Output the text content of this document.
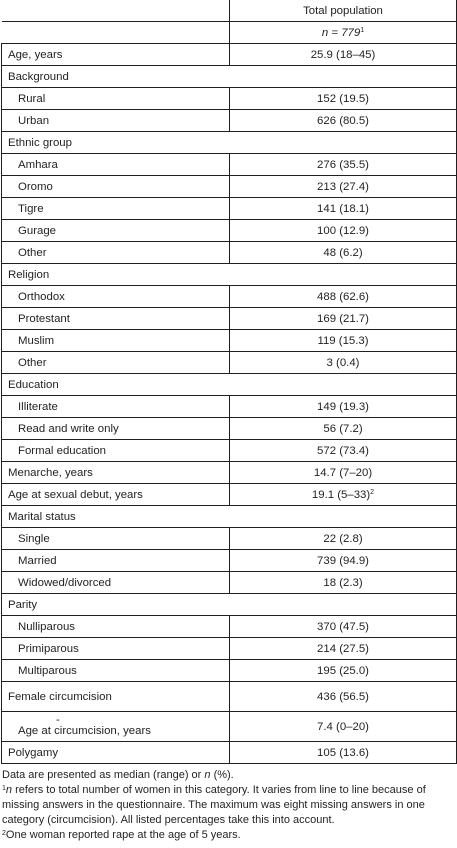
	Total population
	$n = 779^1$
Age, years	25.9 (18–45)
Background	
Rural	152 (19.5)
Urban	626 (80.5)
Ethnic group	
Amhara	276 (35.5)
Oromo	213 (27.4)
Tigre	141 (18.1)
Gurage	100 (12.9)
Other	48 (6.2)
Religion	
Orthodox	488 (62.6)
Protestant	169 (21.7)
Muslim	119 (15.3)
Other	3 (0.4)
Education	
Illiterate	149 (19.3)
Read and write only	56 (7.2)
Formal education	572 (73.4)
Menarche, years	14.7 (7–20)
Age at sexual debut, years	19.1 $(5-33)^2$
Marital status	
Single	22 (2.8)
Married	739 (94.9)
Widowed/divorced	18 (2.3)
Parity	
Nulliparous	370 (47.5)
Primiparous	214 (27.5)
Multiparous	195 (25.0)
Female circumcision	436 (56.5)

-
Age at circumcision, years	7.4 (0–20)
Polygamy	105 (13.6)

Data are presented as median (range) or n (%).

$^1$n refers to total number of women in this category. It varies from line to line because of missing answers in the questionnaire. The maximum was eight missing answers in one category (circumcision). All listed percentages take this into account.

$^2$One woman reported rape at the age of 5 years.
